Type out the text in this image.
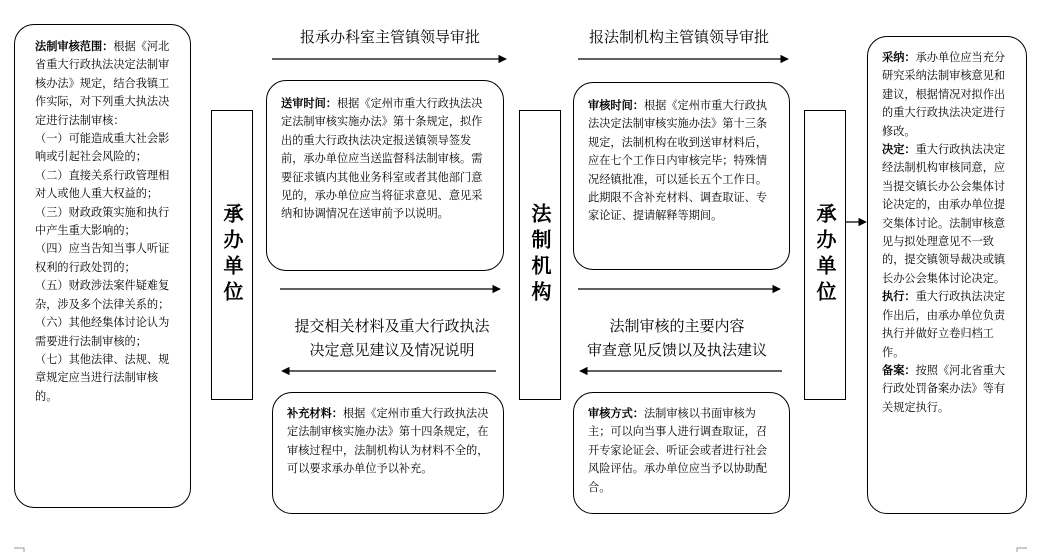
承办单位	法制机构	承办单位
报承办科室主管镇领导审批	报法制机构主管镇领导审批
提交相关材料及重大行政执法
决定意见建议及情况说明
法制审核的主要内容
审查意见反馈以及执法建议
法制审核范围：根据《河北省重大行政执法决定法制审核办法》规定，结合我镇工作实际，对下列重大执法决定进行法制审核：
（一）可能造成重大社会影响或引起社会风险的；
（二）直接关系行政管理相对人或他人重大权益的；
（三）财政政策实施和执行中产生重大影响的；
（四）应当告知当事人听证权利的行政处罚的；
（五）财政涉法案件疑难复杂，涉及多个法律关系的；
（六）其他经集体讨论认为需要进行法制审核的；
（七）其他法律、法规、规章规定应当进行法制审核的。
送审时间：根据《定州市重大行政执法决定法制审核实施办法》第十条规定，拟作出的重大行政执法决定报送镇领导签发前，承办单位应当送监督科法制审核。需要征求镇内其他业务科室或者其他部门意见的，承办单位应当将征求意见、意见采纳和协调情况在送审前予以说明。
补充材料：根据《定州市重大行政执法决定法制审核实施办法》第十四条规定，在审核过程中，法制机构认为材料不全的，可以要求承办单位予以补充。
审核时间：根据《定州市重大行政执法决定法制审核实施办法》第十三条规定，法制机构在收到送审材料后，应在七个工作日内审核完毕；特殊情况经镇批准，可以延长五个工作日。此期限不含补充材料、调查取证、专家论证、提请解释等期间。
审核方式：法制审核以书面审核为主；可以向当事人进行调查取证，召开专家论证会、听证会或者进行社会风险评估。承办单位应当予以协助配合。
采纳：承办单位应当充分研究采纳法制审核意见和建议，根据情况对拟作出的重大行政执法决定进行修改。
决定：重大行政执法决定经法制机构审核同意，应当提交镇长办公会集体讨论决定的，由承办单位提交集体讨论。法制审核意见与拟处理意见不一致的，提交镇领导裁决或镇长办公会集体讨论决定。
执行：重大行政执法决定作出后，由承办单位负责执行并做好立卷归档工作。
备案：按照《河北省重大行政处罚备案办法》等有关规定执行。
